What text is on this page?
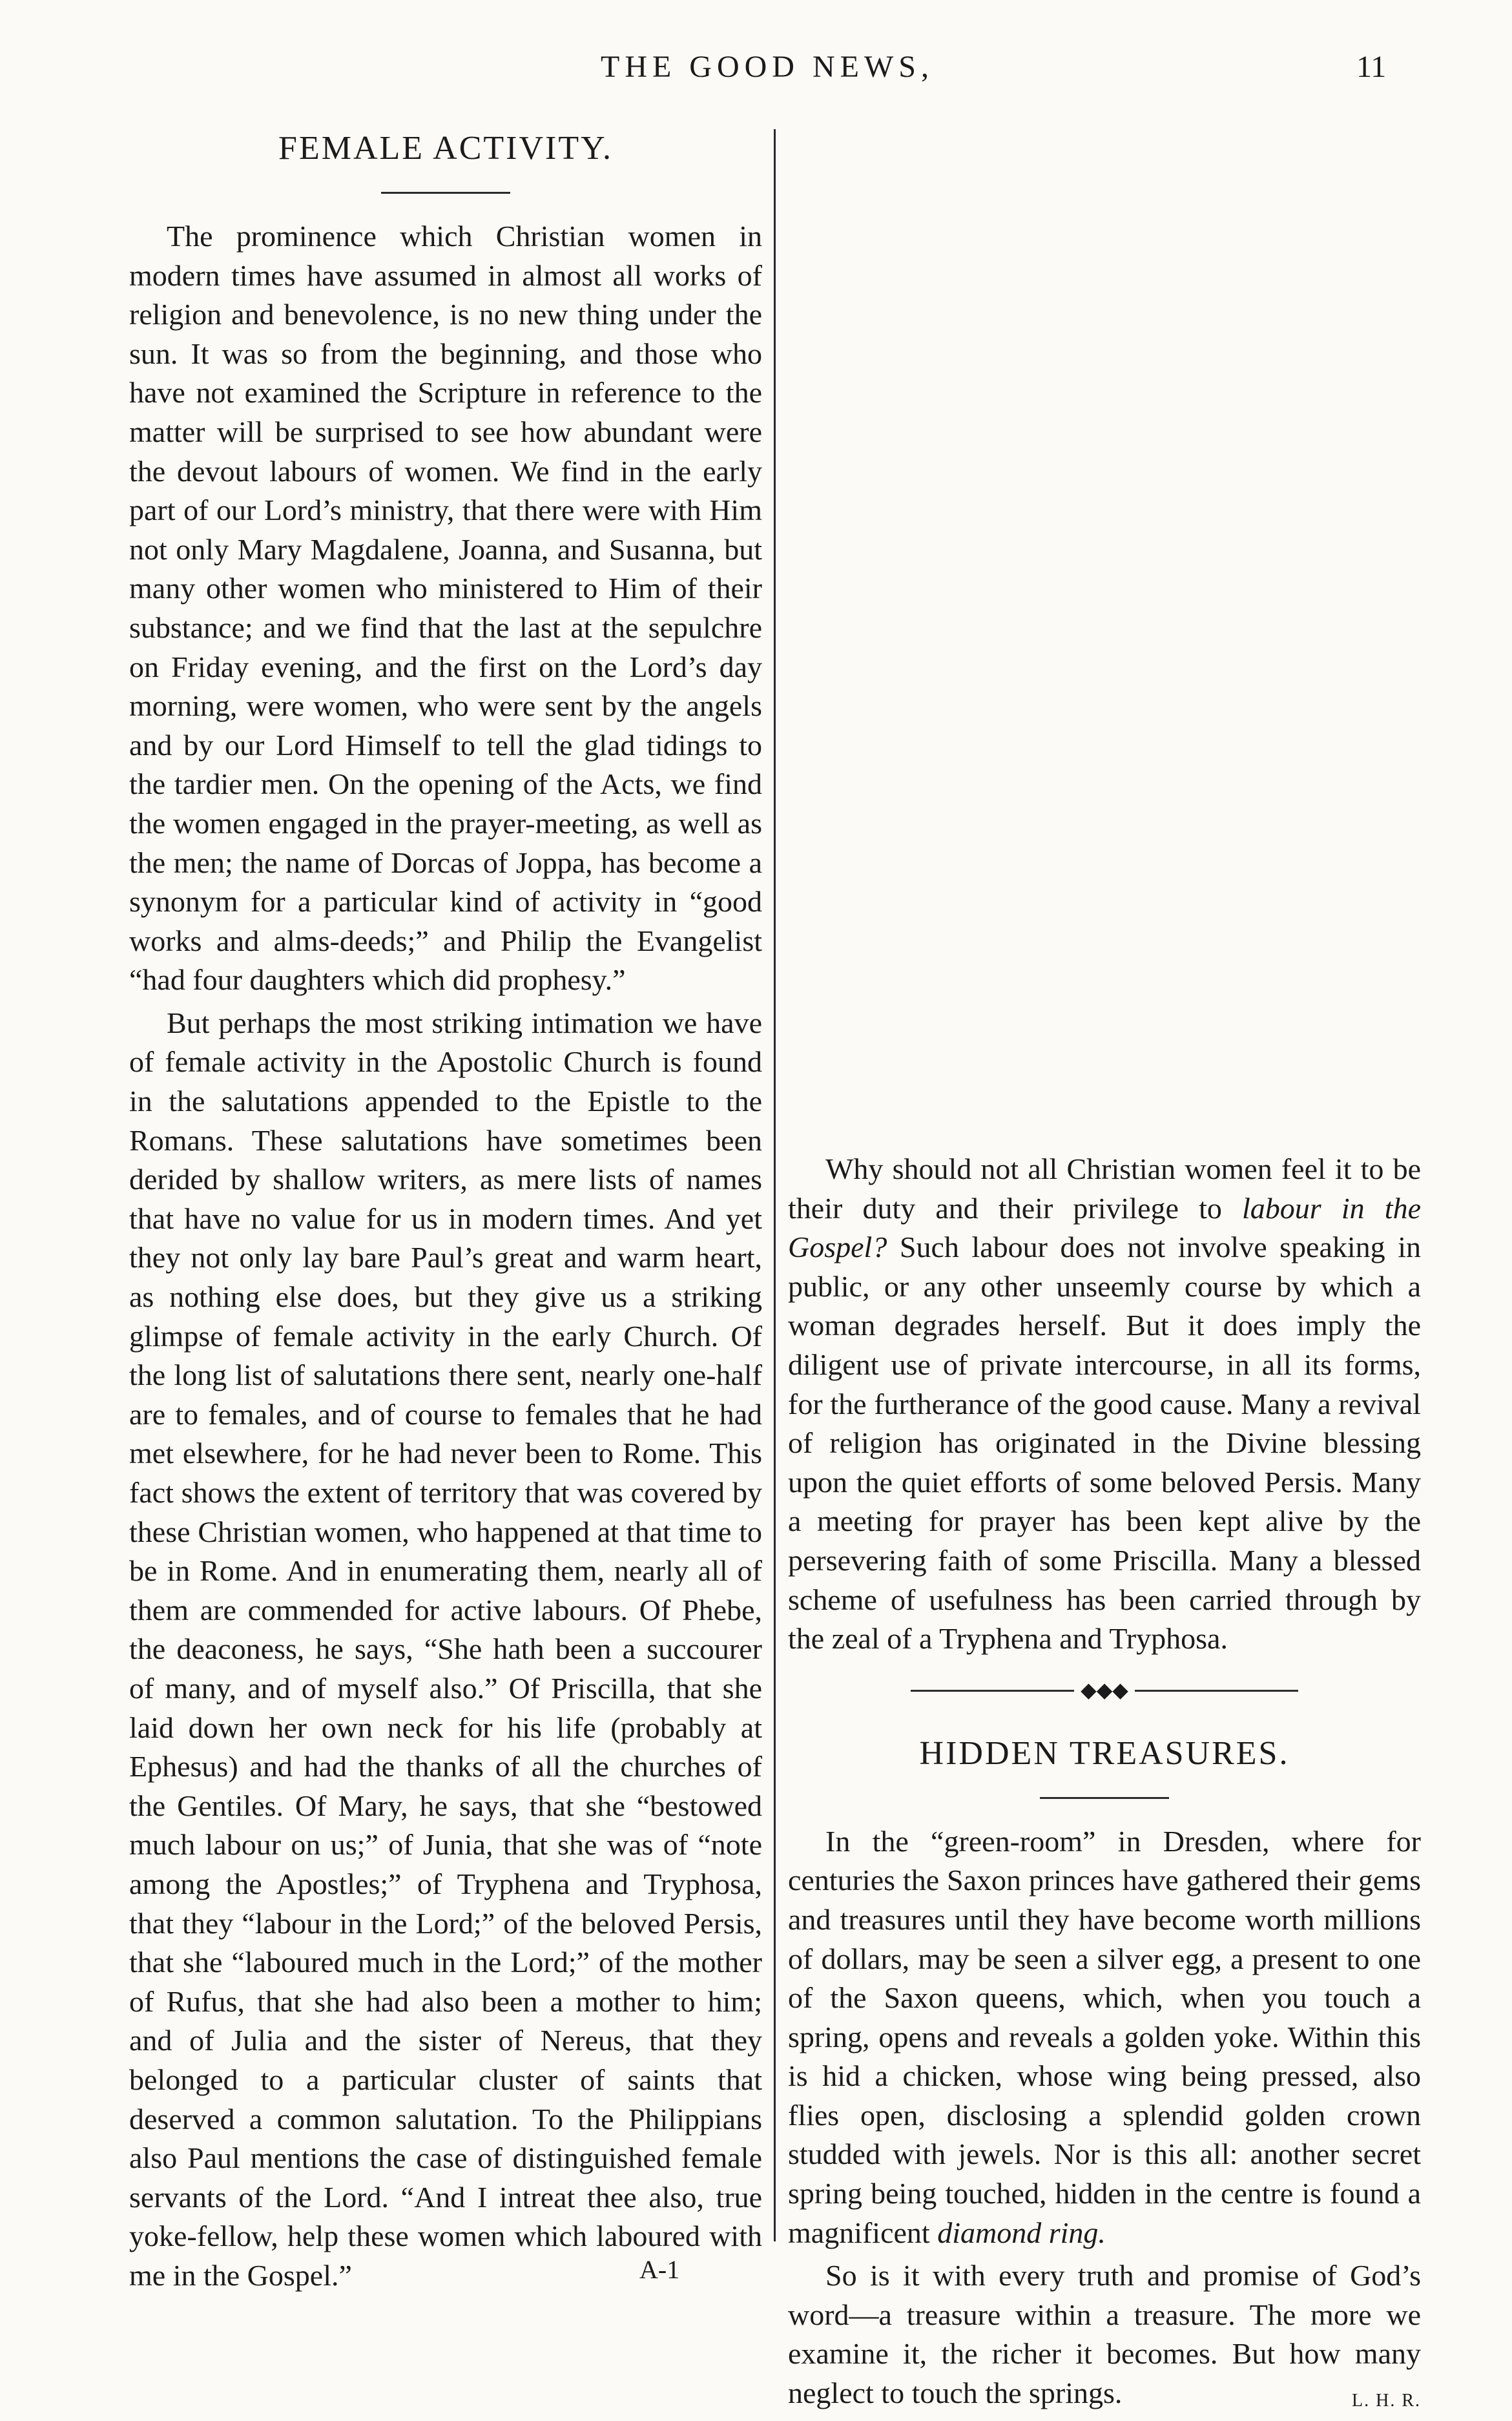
THE GOOD NEWS,	11
FEMALE ACTIVITY.

The prominence which Christian women in modern times have assumed in almost all works of religion and benevolence, is no new thing under the sun. It was so from the beginning, and those who have not examined the Scripture in reference to the matter will be surprised to see how abundant were the devout labours of women. We find in the early part of our Lord’s ministry, that there were with Him not only Mary Magdalene, Joanna, and Susanna, but many other women who ministered to Him of their substance; and we find that the last at the sepulchre on Friday evening, and the first on the Lord’s day morning, were women, who were sent by the angels and by our Lord Himself to tell the glad tidings to the tardier men. On the opening of the Acts, we find the women engaged in the prayer-meeting, as well as the men; the name of Dorcas of Joppa, has become a synonym for a particular kind of activity in “good works and alms-deeds;” and Philip the Evangelist “had four daughters which did prophesy.”

But perhaps the most striking intimation we have of female activity in the Apostolic Church is found in the salutations appended to the Epistle to the Romans. These salutations have sometimes been derided by shallow writers, as mere lists of names that have no value for us in modern times. And yet they not only lay bare Paul’s great and warm heart, as nothing else does, but they give us a striking glimpse of female activity in the early Church. Of the long list of salutations there sent, nearly one-half are to females, and of course to females that he had met elsewhere, for he had never been to Rome. This fact shows the extent of territory that was covered by these Christian women, who happened at that time to be in Rome. And in enumerating them, nearly all of them are commended for active labours. Of Phebe, the deaconess, he says, “She hath been a succourer of many, and of myself also.” Of Priscilla, that she laid down her own neck for his life (probably at Ephesus) and had the thanks of all the churches of the Gentiles. Of Mary, he says, that she “bestowed much labour on us;” of Junia, that she was of “note among the Apostles;” of Tryphena and Tryphosa, that they “labour in the Lord;” of the beloved Persis, that she “laboured much in the Lord;” of the mother of Rufus, that she had also been a mother to him; and of Julia and the sister of Nereus, that they belonged to a particular cluster of saints that deserved a common salutation. To the Philippians also Paul mentions the case of distinguished female servants of the Lord. “And I intreat thee also, true yoke-fellow, help these women which laboured with me in the Gospel.”

Why should not all Christian women feel it to be their duty and their privilege to labour in the Gospel? Such labour does not involve speaking in public, or any other unseemly course by which a woman degrades herself. But it does imply the diligent use of private intercourse, in all its forms, for the furtherance of the good cause. Many a revival of religion has originated in the Divine blessing upon the quiet efforts of some beloved Persis. Many a meeting for prayer has been kept alive by the persevering faith of some Priscilla. Many a blessed scheme of usefulness has been carried through by the zeal of a Tryphena and Tryphosa.

◆◆◆
HIDDEN TREASURES.

In the “green-room” in Dresden, where for centuries the Saxon princes have gathered their gems and treasures until they have become worth millions of dollars, may be seen a silver egg, a present to one of the Saxon queens, which, when you touch a spring, opens and reveals a golden yoke. Within this is hid a chicken, whose wing being pressed, also flies open, disclosing a splendid golden crown studded with jewels. Nor is this all: another secret spring being touched, hidden in the centre is found a magnificent diamond ring.

So is it with every truth and promise of God’s word—a treasure within a treasure. The more we examine it, the richer it becomes. But how many neglect to touch the springs.	L. H. R.

A-1
